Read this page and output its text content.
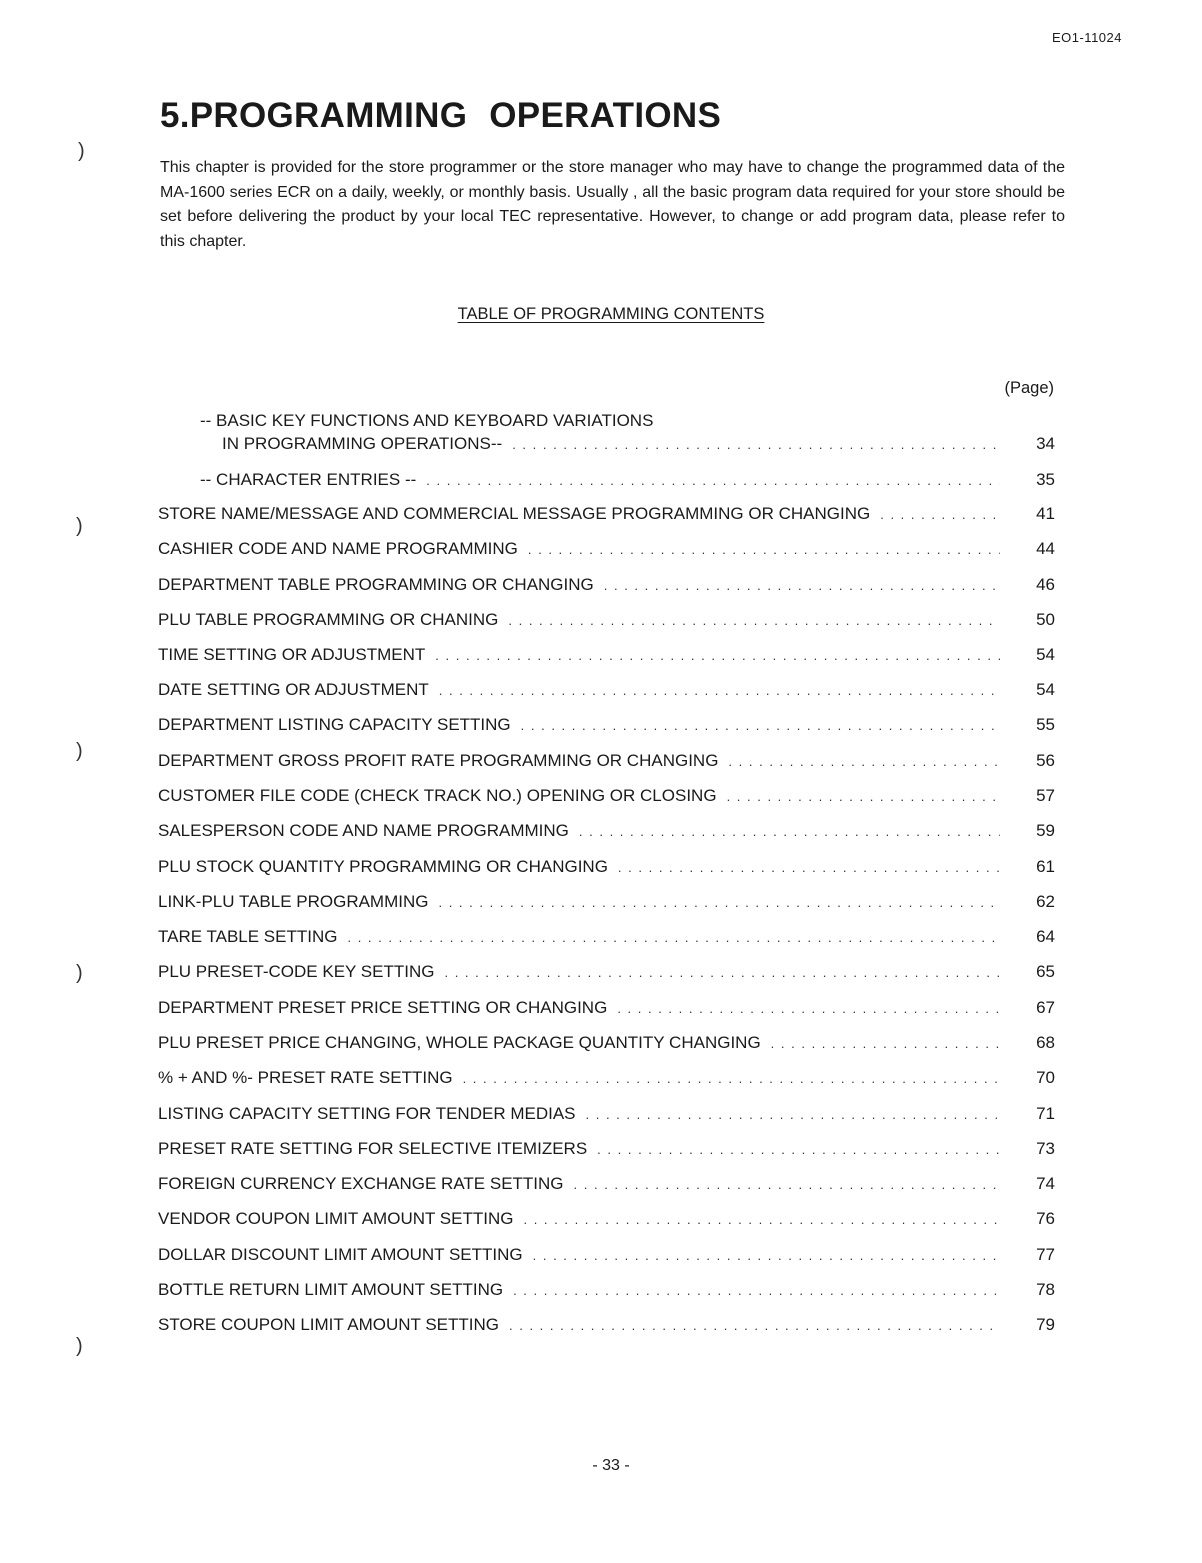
EO1-11024
5.PROGRAMMING OPERATIONS

This chapter is provided for the store programmer or the store manager who may have to change the programmed data of the MA-1600 series ECR on a daily, weekly, or monthly basis. Usually , all the basic program data required for your store should be set before delivering the product by your local TEC representative. However, to change or add program data, please refer to this chapter.

TABLE OF PROGRAMMING CONTENTS
(Page)
-- BASIC KEY FUNCTIONS AND KEYBOARD VARIATIONS
IN PROGRAMMING OPERATIONS-- . . .	34
-- CHARACTER ENTRIES -- . . .	35
STORE NAME/MESSAGE AND COMMERCIAL MESSAGE PROGRAMMING OR CHANGING . . .	41
CASHIER CODE AND NAME PROGRAMMING . . .	44
DEPARTMENT TABLE PROGRAMMING OR CHANGING . . .	46
PLU TABLE PROGRAMMING OR CHANING . . .	50
TIME SETTING OR ADJUSTMENT . . .	54
DATE SETTING OR ADJUSTMENT . . .	54
DEPARTMENT LISTING CAPACITY SETTING . . .	55
DEPARTMENT GROSS PROFIT RATE PROGRAMMING OR CHANGING . . .	56
CUSTOMER FILE CODE (CHECK TRACK NO.) OPENING OR CLOSING . . .	57
SALESPERSON CODE AND NAME PROGRAMMING . . .	59
PLU STOCK QUANTITY PROGRAMMING OR CHANGING . . .	61
LINK-PLU TABLE PROGRAMMING . . .	62
TARE TABLE SETTING . . .	64
PLU PRESET-CODE KEY SETTING . . .	65
DEPARTMENT PRESET PRICE SETTING OR CHANGING . . .	67
PLU PRESET PRICE CHANGING, WHOLE PACKAGE QUANTITY CHANGING . . .	68
% + AND %- PRESET RATE SETTING . . .	70
LISTING CAPACITY SETTING FOR TENDER MEDIAS . . .	71
PRESET RATE SETTING FOR SELECTIVE ITEMIZERS . . .	73
FOREIGN CURRENCY EXCHANGE RATE SETTING . . .	74
VENDOR COUPON LIMIT AMOUNT SETTING . . .	76
DOLLAR DISCOUNT LIMIT AMOUNT SETTING . . .	77
BOTTLE RETURN LIMIT AMOUNT SETTING . . .	78
STORE COUPON LIMIT AMOUNT SETTING . . .	79
- 33 -
)
)
)
)
)
